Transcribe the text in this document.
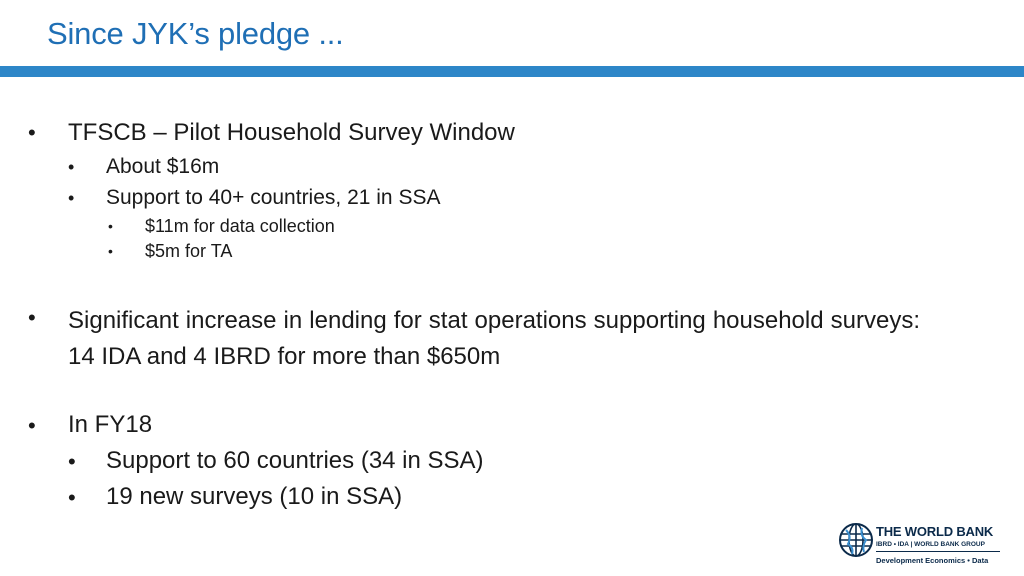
Since JYK’s pledge ...
• TFSCB – Pilot Household Survey Window
• About $16m
• Support to 40+ countries, 21 in SSA
• $11m for data collection
• $5m for TA
• Significant increase in lending for stat operations supporting household surveys: 14 IDA and 4 IBRD for more than $650m
• In FY18
• Support to 60 countries (34 in SSA)
• 19 new surveys (10 in SSA)
THE WORLD BANK
IBRD • IDA | WORLD BANK GROUP
Development Economics • Data
